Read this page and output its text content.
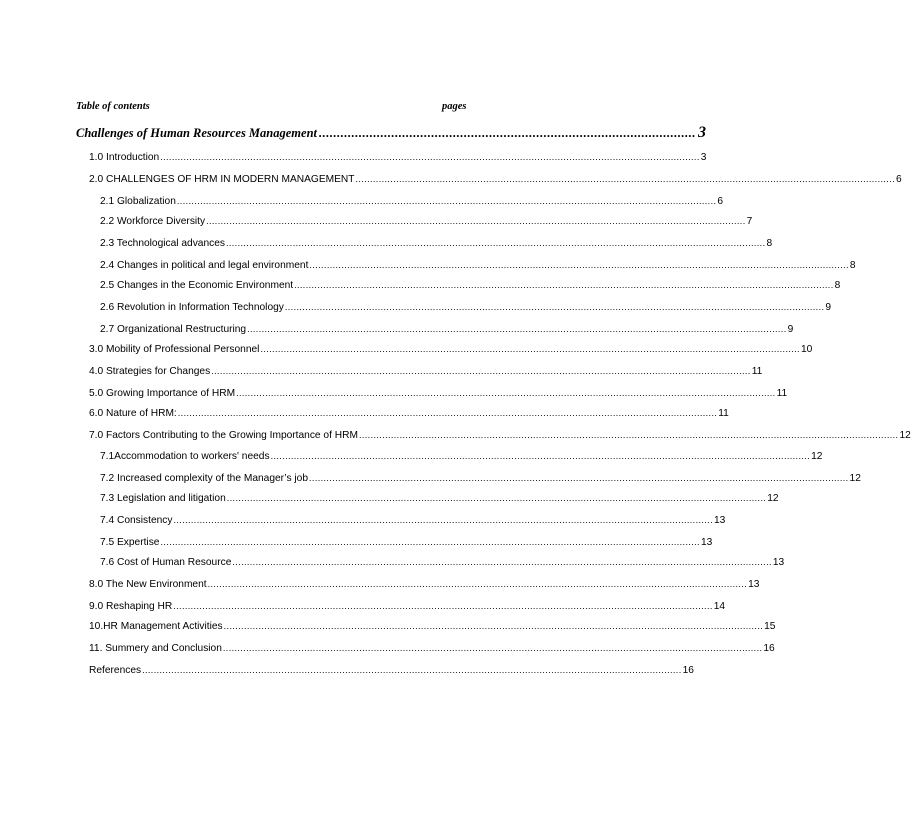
Table of contents	pages
Challenges of Human Resources Management ........................................................................................................ 3
1.0 Introduction .......................................................................................................................................................................................... 3
2.0 CHALLENGES OF HRM IN MODERN MANAGEMENT .......................................................................................................................................................................................... 6
2.1 Globalization .......................................................................................................................................................................................... 6
2.2 Workforce Diversity .......................................................................................................................................................................................... 7
2.3 Technological advances .......................................................................................................................................................................................... 8
2.4 Changes in political and legal environment .......................................................................................................................................................................................... 8
2.5 Changes in the Economic Environment .......................................................................................................................................................................................... 8
2.6 Revolution in Information Technology .......................................................................................................................................................................................... 9
2.7 Organizational Restructuring .......................................................................................................................................................................................... 9
3.0 Mobility of Professional Personnel .......................................................................................................................................................................................... 10
4.0 Strategies for Changes .......................................................................................................................................................................................... 11
5.0 Growing Importance of HRM .......................................................................................................................................................................................... 11
6.0 Nature of HRM: .......................................................................................................................................................................................... 11
7.0 Factors Contributing to the Growing Importance of HRM .......................................................................................................................................................................................... 12
7.1Accommodation to workers' needs .......................................................................................................................................................................................... 12
7.2 Increased complexity of the Manager’s job .......................................................................................................................................................................................... 12
7.3 Legislation and litigation .......................................................................................................................................................................................... 12
7.4 Consistency .......................................................................................................................................................................................... 13
7.5 Expertise .......................................................................................................................................................................................... 13
7.6 Cost of Human Resource .......................................................................................................................................................................................... 13
8.0 The New Environment .......................................................................................................................................................................................... 13
9.0 Reshaping HR .......................................................................................................................................................................................... 14
10.HR Management Activities .......................................................................................................................................................................................... 15
11. Summery and Conclusion .......................................................................................................................................................................................... 16
References .......................................................................................................................................................................................... 16
